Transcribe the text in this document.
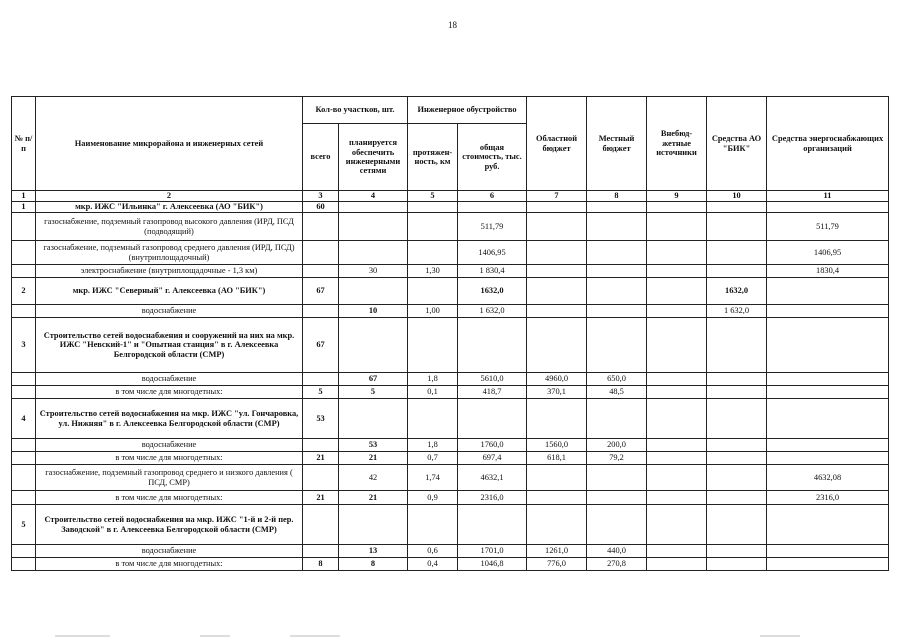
18
№ п/п	Наименование микрорайона и инженерных сетей	Кол-во участков, шт.		Инженерное обустройство		Областной бюджет	Местный бюджет	Внебюд-жетные источники	Средства АО "БИК"	Средства энергоснабжающих организаций
		всего	планируется обеспечить инженерными сетями	протяжен-ность, км	общая стоимость, тыс. руб.					
1	2	3	4	5	6	7	8	9	10	11
1	мкр. ИЖС "Ильинка" г. Алексеевка (АО "БИК")	60								
	газоснабжение, подземный газопровод высокого давления (ИРД, ПСД (подводящий)				511,79					511,79
	газоснабжение, подземный газопровод среднего давления (ИРД, ПСД) (внутриплощадочный)				1406,95					1406,95
	электроснабжение (внутриплощадочные - 1,3 км)		30	1,30	1 830,4					1830,4
2	мкр. ИЖС "Северный" г. Алексеевка (АО "БИК")	67			1632,0				1632,0	
	водоснабжение		10	1,00	1 632,0				1 632,0	
3	Строительство сетей водоснабжения и сооружений на них на мкр. ИЖС "Невский-1" и "Опытная станция" в г. Алексеевка Белгородской области (СМР)	67								
	водоснабжение		67	1,8	5610,0	4960,0	650,0			
	в том числе для многодетных:	5	5	0,1	418,7	370,1	48,5			
4	Строительство сетей водоснабжения на мкр. ИЖС "ул. Гончаровка, ул. Нижняя" в г. Алексеевка Белгородской области (СМР)	53								
	водоснабжение		53	1,8	1760,0	1560,0	200,0			
	в том числе для многодетных:	21	21	0,7	697,4	618,1	79,2			
	газоснабжение, подземный газопровод среднего и низкого давления ( ПСД, СМР)		42	1,74	4632,1					4632,08
	в том числе для многодетных:	21	21	0,9	2316,0					2316,0
5	Строительство сетей водоснабжения на мкр. ИЖС "1-й и 2-й пер. Заводской" в г. Алексеевка Белгородской области (СМР)									
	водоснабжение		13	0,6	1701,0	1261,0	440,0			
	в том числе для многодетных:	8	8	0,4	1046,8	776,0	270,8			
